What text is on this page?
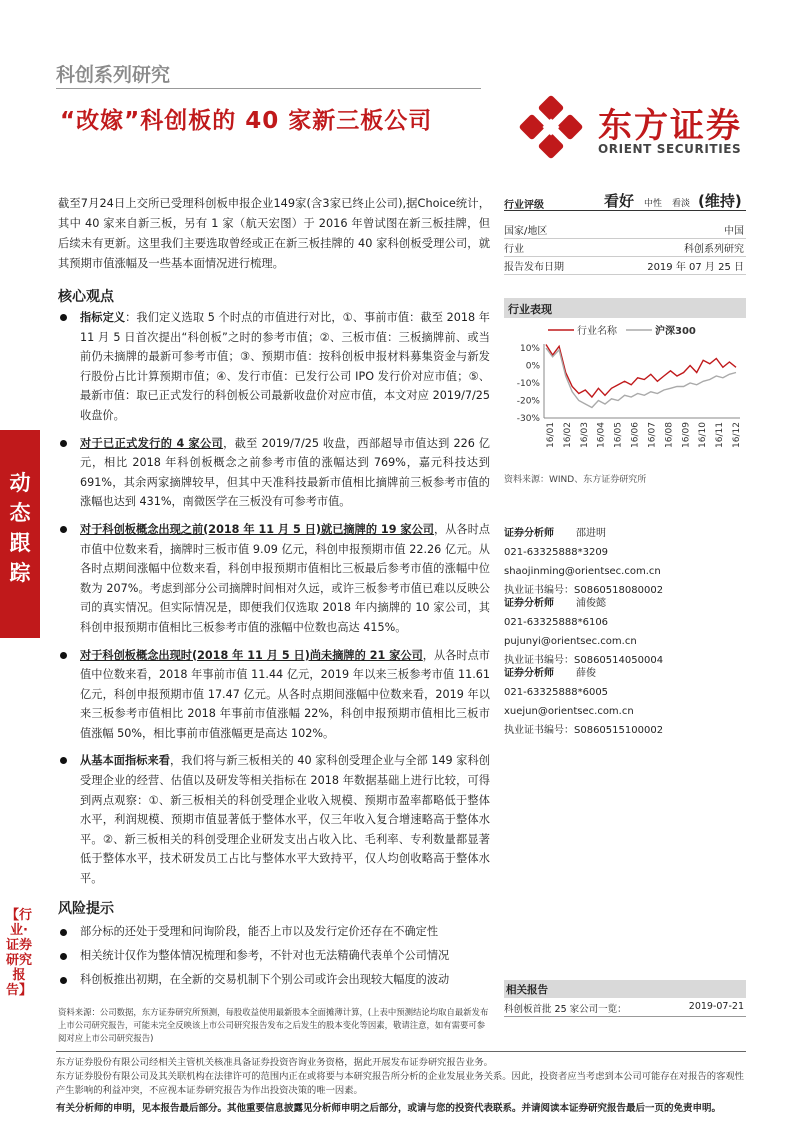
科创系列研究
“改嫁”科创板的 40 家新三板公司	东方证券
ORIENT SECURITIES
动
态
跟
踪
【行业·证券研究报告】
截至7月24日上交所已受理科创板申报企业149家(含3家已终止公司),据Choice统计，其中 40 家来自新三板，另有 1 家（航天宏图）于 2016 年曾试图在新三板挂牌，但后续未有更新。这里我们主要选取曾经或正在新三板挂牌的 40 家科创板受理公司，就其预期市值涨幅及一些基本面情况进行梳理。
核心观点
指标定义：我们定义选取 5 个时点的市值进行对比，①、事前市值：截至 2018 年 11 月 5 日首次提出“科创板”之时的参考市值；②、三板市值：三板摘牌前、或当前仍未摘牌的最新可参考市值；③、预期市值：按科创板申报材料募集资金与新发行股份占比计算预期市值；④、发行市值：已发行公司 IPO 发行价对应市值；⑤、最新市值：取已正式发行的科创板公司最新收盘价对应市值，本文对应 2019/7/25 收盘价。
对于已正式发行的 4 家公司，截至 2019/7/25 收盘，西部超导市值达到 226 亿元，相比 2018 年科创板概念之前参考市值的涨幅达到 769%，嘉元科技达到 691%，其余两家摘牌较早，但其中天准科技最新市值相比摘牌前三板参考市值的涨幅也达到 431%，南微医学在三板没有可参考市值。
对于科创板概念出现之前(2018 年 11 月 5 日)就已摘牌的 19 家公司，从各时点市值中位数来看，摘牌时三板市值 9.09 亿元，科创申报预期市值 22.26 亿元。从各时点期间涨幅中位数来看，科创申报预期市值相比三板最后参考市值的涨幅中位数为 207%。考虑到部分公司摘牌时间相对久远，或许三板参考市值已难以反映公司的真实情况。但实际情况是，即便我们仅选取 2018 年内摘牌的 10 家公司，其科创申报预期市值相比三板参考市值的涨幅中位数也高达 415%。
对于科创板概念出现时(2018 年 11 月 5 日)尚未摘牌的 21 家公司，从各时点市值中位数来看，2018 年事前市值 11.44 亿元，2019 年以来三板参考市值 11.61 亿元，科创申报预期市值 17.47 亿元。从各时点期间涨幅中位数来看，2019 年以来三板参考市值相比 2018 年事前市值涨幅 22%，科创申报预期市值相比三板市值涨幅 50%，相比事前市值涨幅更是高达 102%。
从基本面指标来看，我们将与新三板相关的 40 家科创受理企业与全部 149 家科创受理企业的经营、估值以及研发等相关指标在 2018 年数据基础上进行比较，可得到两点观察：①、新三板相关的科创受理企业收入规模、预期市盈率都略低于整体水平，利润规模、预期市值显著低于整体水平，仅三年收入复合增速略高于整体水平。②、新三板相关的科创受理企业研发支出占收入比、毛利率、专利数量都显著低于整体水平，技术研发员工占比与整体水平大致持平，仅人均创收略高于整体水平。
风险提示
部分标的还处于受理和问询阶段，能否上市以及发行定价还存在不确定性
相关统计仅作为整体情况梳理和参考，不针对也无法精确代表单个公司情况
科创板推出初期，在全新的交易机制下个别公司或许会出现较大幅度的波动
资料来源：公司数据，东方证券研究所预测，每股收益使用最新股本全面摊薄计算，(上表中预测结论均取自最新发布上市公司研究报告，可能未完全反映该上市公司研究报告发布之后发生的股本变化等因素，敬请注意，如有需要可参阅对应上市公司研究报告)
行业评级	看好 中性 看淡 (维持)
国家/地区	中国
行业	科创系列研究
报告发布日期	2019 年 07 月 25 日
行业表现
行业名称	沪深300
10%
0%
-10%
-20%
-30%
16/01 16/02 16/03 16/04 16/05 16/06 16/07 16/08 16/09 16/10 16/11 16/12
资料来源：WIND、东方证券研究所
证券分析师 邵进明
021-63325888*3209
shaojinming@orientsec.com.cn
执业证书编号：S0860518080002
证券分析师 浦俊懿
021-63325888*6106
pujunyi@orientsec.com.cn
执业证书编号：S0860514050004
证券分析师 薛俊
021-63325888*6005
xuejun@orientsec.com.cn
执业证书编号：S0860515100002
相关报告
科创板首批 25 家公司一览：	2019-07-21
东方证券股份有限公司经相关主管机关核准具备证券投资咨询业务资格，据此开展发布证券研究报告业务。
东方证券股份有限公司及其关联机构在法律许可的范围内正在或将要与本研究报告所分析的企业发展业务关系。因此，投资者应当考虑到本公司可能存在对报告的客观性产生影响的利益冲突，不应视本证券研究报告为作出投资决策的唯一因素。
有关分析师的申明，见本报告最后部分。其他重要信息披露见分析师申明之后部分，或请与您的投资代表联系。并请阅读本证券研究报告最后一页的免责申明。
